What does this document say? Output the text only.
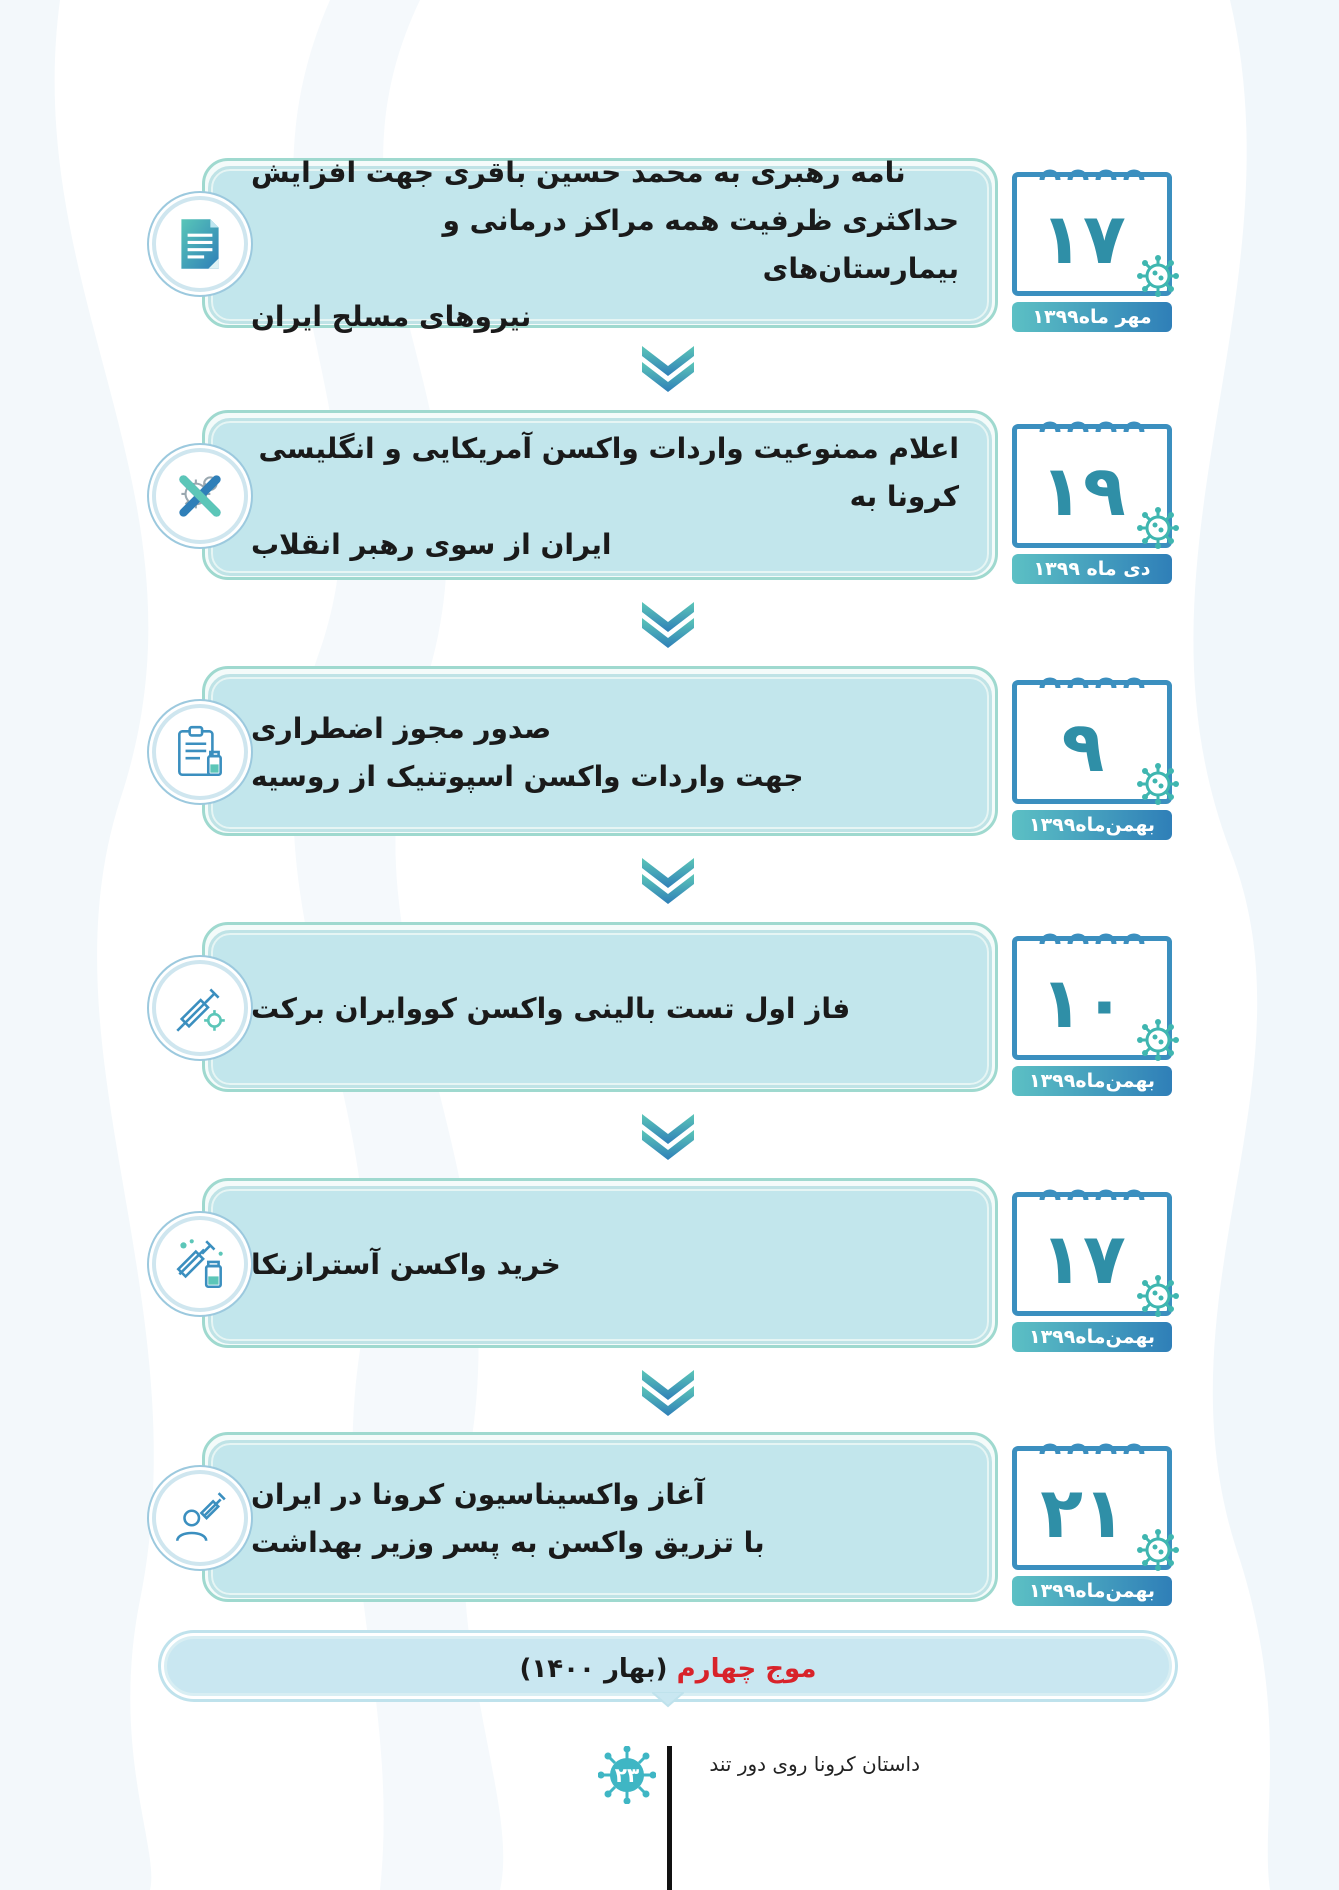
نامه رهبری به محمد حسین باقری جهت افزایش
حداکثری ظرفیت همه مراکز درمانی و بیمارستان‌های
نیروهای مسلح ایران
۱۷
مهر ماه۱۳۹۹
اعلام ممنوعیت واردات واکسن آمریکایی و انگلیسی کرونا به
ایران از سوی رهبر انقلاب
۱۹
دی ماه ۱۳۹۹
صدور مجوز اضطراری
جهت واردات واکسن اسپوتنیک از روسیه	۹
بهمن‌ماه۱۳۹۹
فاز اول تست بالینی واکسن کوو‌ایران برکت	۱۰
بهمن‌ماه۱۳۹۹
خرید واکسن آسترازنکا	۱۷
بهمن‌ماه۱۳۹۹
آغاز واکسیناسیون کرونا در ایران
با تزریق واکسن به پسر وزیر بهداشت	۲۱
بهمن‌ماه۱۳۹۹
موج چهارم (بهار ۱۴۰۰)
داستان کرونا روی دور تند
۲۳
